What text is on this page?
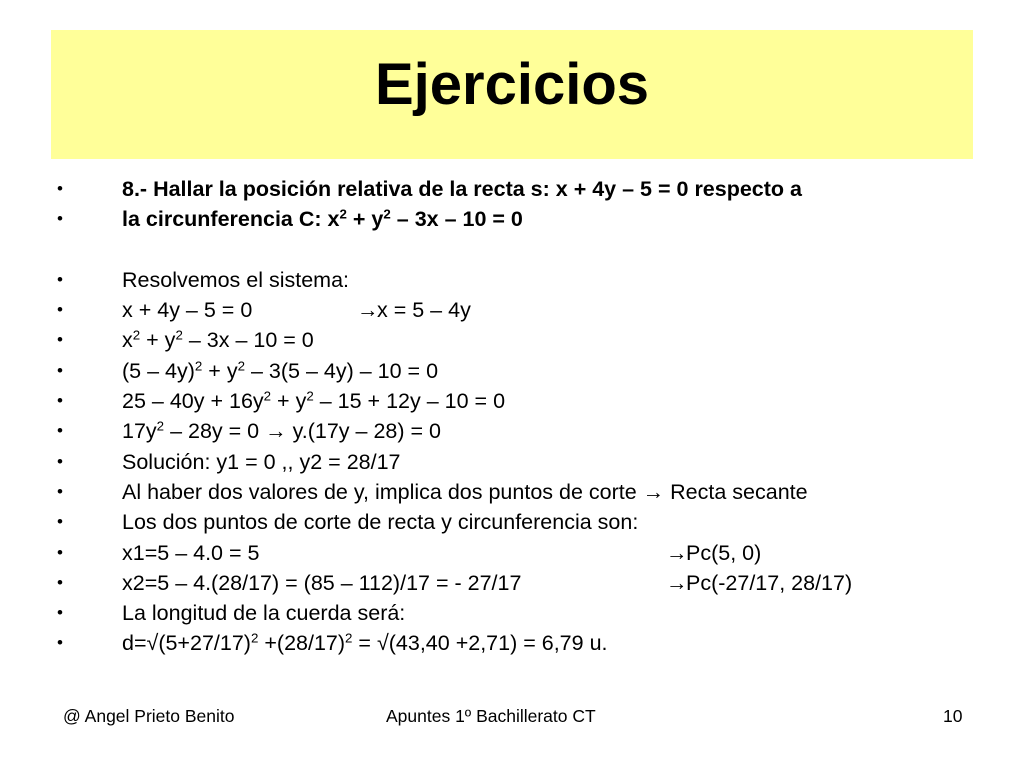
Ejercicios
•	8.- Hallar la posición relativa de la recta s: x + 4y – 5 = 0 respecto a
•	la circunferencia C: $x^2 + y^2 - 3x - 10 = 0$
•	Resolvemos el sistema:
•	x + 4y – 5 = 0	→
x = 5 – 4y
•	$x^2 + y^2 - 3x - 10 = 0$
•	$(5 - 4y)^2 + y^2 - 3(5 - 4y) - 10 = 0$
•	$25 - 40y + 16y^2 + y^2 - 15 + 12y - 10 = 0$
•	$17y^2 - 28y = 0 \to y.(17y - 28) = 0$
•	Solución: y1 = 0 ,, y2 = 28/17
•	Al haber dos valores de y, implica dos puntos de corte → Recta secante
•	Los dos puntos de corte de recta y circunferencia son:
•	x1=5 – 4.0 = 5	→
Pc(5, 0)
•	x2=5 – 4.(28/17) = (85 – 112)/17 = - 27/17	→
Pc(-27/17, 28/17)
•	La longitud de la cuerda será:
•	$d=√(5+27/17)^2 +(28/17)^2 = √(43,40 +2,71) = 6,79$ u.
@ Angel Prieto Benito	Apuntes 1º Bachillerato CT	10
